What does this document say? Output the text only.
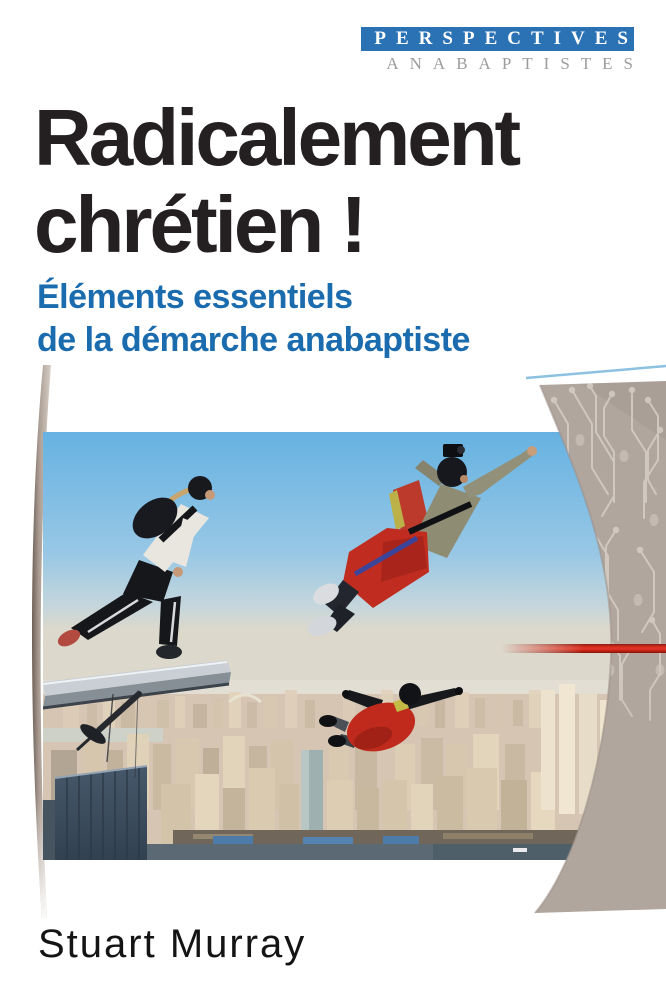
PERSPECTIVES
ANABAPTISTES
Radicalement
chrétien !
Éléments essentiels
de la démarche anabaptiste
Stuart Murray
